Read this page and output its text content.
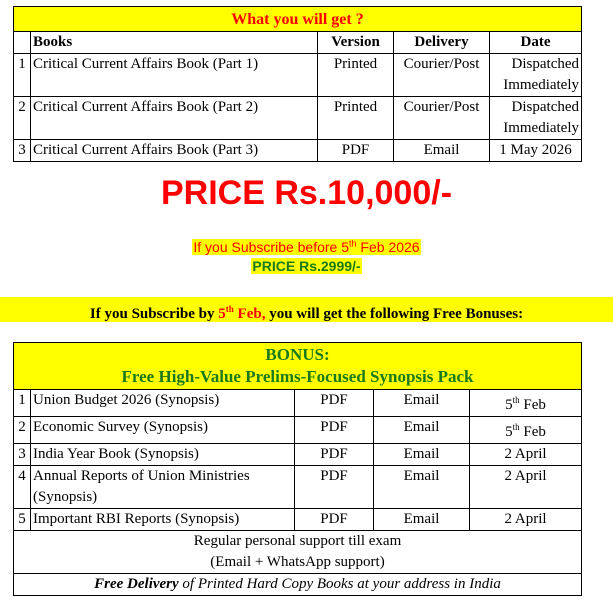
What you will get ?				
	Books	Version	Delivery	Date
1	Critical Current Affairs Book (Part 1)	Printed	Courier/Post	Dispatched
Immediately
2	Critical Current Affairs Book (Part 2)	Printed	Courier/Post	Dispatched
Immediately
3	Critical Current Affairs Book (Part 3)	PDF	Email	1 May 2026
PRICE Rs.10,000/-
If you Subscribe before 5th Feb 2026
PRICE Rs.2999/-
If you Subscribe by 5th Feb, you will get the following Free Bonuses:
BONUS:
Free High-Value Prelims-Focused Synopsis Pack				
1	Union Budget 2026 (Synopsis)	PDF	Email	5th Feb
2	Economic Survey (Synopsis)	PDF	Email	5th Feb
3	India Year Book (Synopsis)	PDF	Email	2 April
4	Annual Reports of Union Ministries
(Synopsis)	PDF	Email	2 April
5	Important RBI Reports (Synopsis)	PDF	Email	2 April
Regular personal support till exam
(Email + WhatsApp support)				
Free Delivery of Printed Hard Copy Books at your address in India				
